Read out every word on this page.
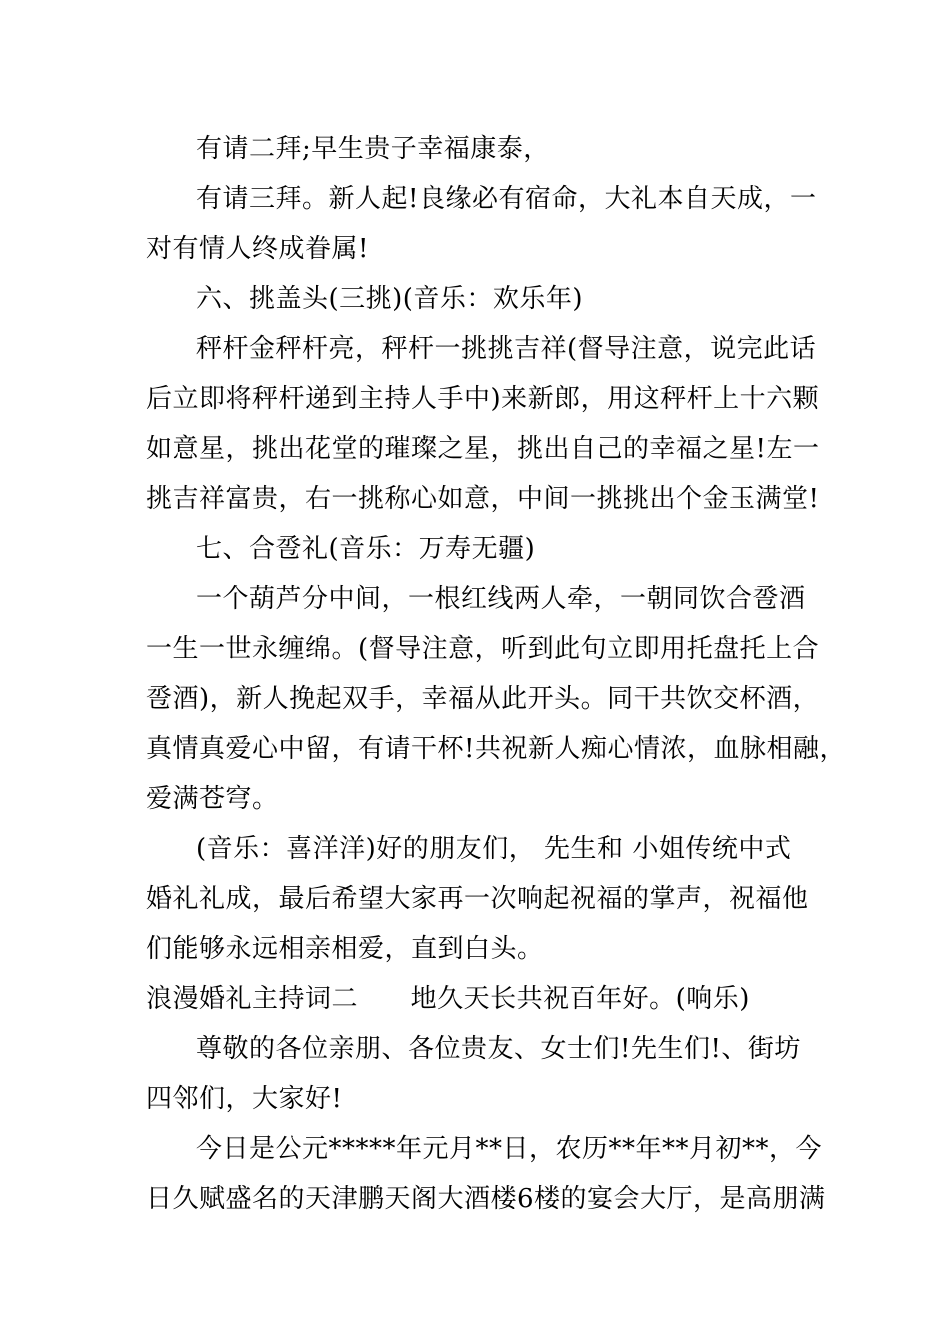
有请二拜;早生贵子幸福康泰，
有请三拜。新人起!良缘必有宿命，大礼本自天成，一
对有情人终成眷属!
六、挑盖头(三挑)(音乐：欢乐年)
秤杆金秤杆亮，秤杆一挑挑吉祥(督导注意，说完此话
后立即将秤杆递到主持人手中)来新郎，用这秤杆上十六颗
如意星，挑出花堂的璀璨之星，挑出自己的幸福之星!左一
挑吉祥富贵，右一挑称心如意，中间一挑挑出个金玉满堂!
七、合卺礼(音乐：万寿无疆)
一个葫芦分中间，一根红线两人牵，一朝同饮合卺酒
一生一世永缠绵。(督导注意，听到此句立即用托盘托上合
卺酒)，新人挽起双手，幸福从此开头。同干共饮交杯酒，
真情真爱心中留，有请干杯!共祝新人痴心情浓，血脉相融，
爱满苍穹。
(音乐：喜洋洋)好的朋友们， 先生和 小姐传统中式
婚礼礼成，最后希望大家再一次响起祝福的掌声，祝福他
们能够永远相亲相爱，直到白头。
浪漫婚礼主持词二      地久天长共祝百年好。(响乐)
尊敬的各位亲朋、各位贵友、女士们!先生们!、街坊
四邻们，大家好!
今日是公元*****年元月**日，农历**年**月初**，今
日久赋盛名的天津鹏天阁大酒楼6楼的宴会大厅，是高朋满
